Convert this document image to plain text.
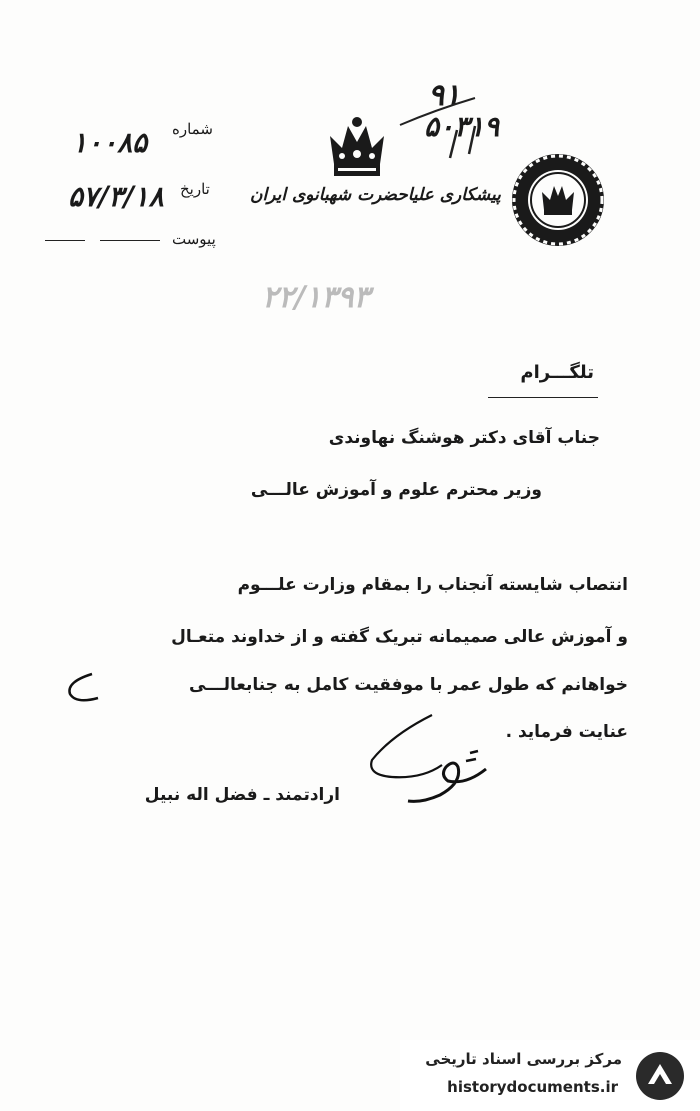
۹۱
۵۰۳۱۹
شماره
۱۰۰۸۵
تاریخ
۵۷/۳/۱۸
پیوست
پیشکاری علیاحضرت شهبانوی ایران
۲۲/۱۳۹۳
تلگـــرام
جناب آقای دکتر هوشنگ نهاوندی
وزیر محترم علوم و آموزش عالـــی
انتصاب شایسته آنجناب را بمقام وزارت علـــوم
و آموزش عالی صمیمانه تبریک گفته و از خداوند متعـال
خواهانم که طول عمر با موفقیت کامل به جنابعالـــی
عنایت فرماید .
ارادتمند ـ فضل اله نبیل
مرکز بررسی اسناد تاریخی
historydocuments.ir
